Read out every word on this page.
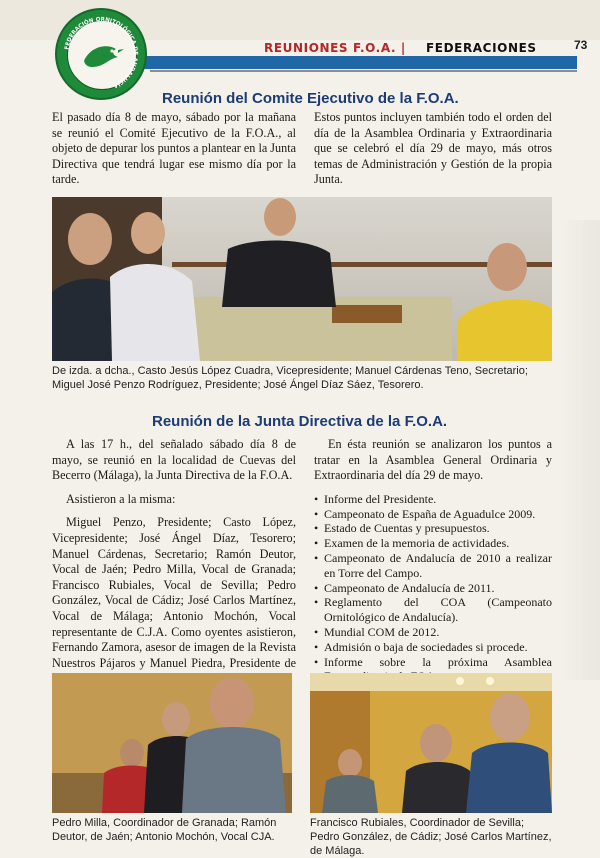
FEDERACIÓN ORNITOLÓGICA DE ANDALUCÍA
REUNIONES F.O.A. | FEDERACIONES	73
Reunión del Comite Ejecutivo de la F.O.A.
El pasado día 8 de mayo, sábado por la mañana se reunió el Comité Ejecutivo de la F.O.A., al objeto de depurar los puntos a plantear en la Junta Directiva que tendrá lugar ese mismo día por la tarde.
Estos puntos incluyen también todo el orden del día de la Asamblea Ordinaria y Extraordinaria que se celebró el día 29 de mayo, más otros temas de Administración y Gestión de la propia Junta.
De izda. a dcha., Casto Jesús López Cuadra, Vicepresidente; Manuel Cárdenas Teno, Secretario; Miguel José Penzo Rodríguez, Presidente; José Ángel Díaz Sáez, Tesorero.
Reunión de la Junta Directiva de la F.O.A.

A las 17 h., del señalado sábado día 8 de mayo, se reunió en la localidad de Cuevas del Becerro (Málaga), la Junta Directiva de la F.O.A.

Asistieron a la misma:

Miguel Penzo, Presidente; Casto López, Vicepresidente; José Ángel Díaz, Tesorero; Manuel Cárdenas, Secretario; Ramón Deutor, Vocal de Jaén; Pedro Milla, Vocal de Granada; Francisco Rubiales, Vocal de Sevilla; Pedro González, Vocal de Cádiz; José Carlos Martínez, Vocal de Málaga; Antonio Mochón, Vocal representante de C.J.A. Como oyentes asistieron, Fernando Zamora, asesor de imagen de la Revista Nuestros Pájaros y Manuel Piedra, Presidente de

En ésta reunión se analizaron los puntos a tratar en la Asamblea General Ordinaria y Extraordinaria del día 29 de mayo.

• Informe del Presidente.
• Campeonato de España de Aguadulce 2009.
• Estado de Cuentas y presupuestos.
• Examen de la memoria de actividades.
• Campeonato de Andalucía de 2010 a realizar en Torre del Campo.
• Campeonato de Andalucía de 2011.
• Reglamento del COA (Campeonato Ornitológico de Andalucía).
• Mundial COM de 2012.
• Admisión o baja de sociedades si procede.
• Informe sobre la próxima Asamblea
Pedro Milla, Coordinador de Granada; Ramón Deutor, de Jaén; Antonio Mochón, Vocal CJA.
Francisco Rubiales, Coordinador de Sevilla; Pedro González, de Cádiz; José Carlos Martínez, de Málaga.
